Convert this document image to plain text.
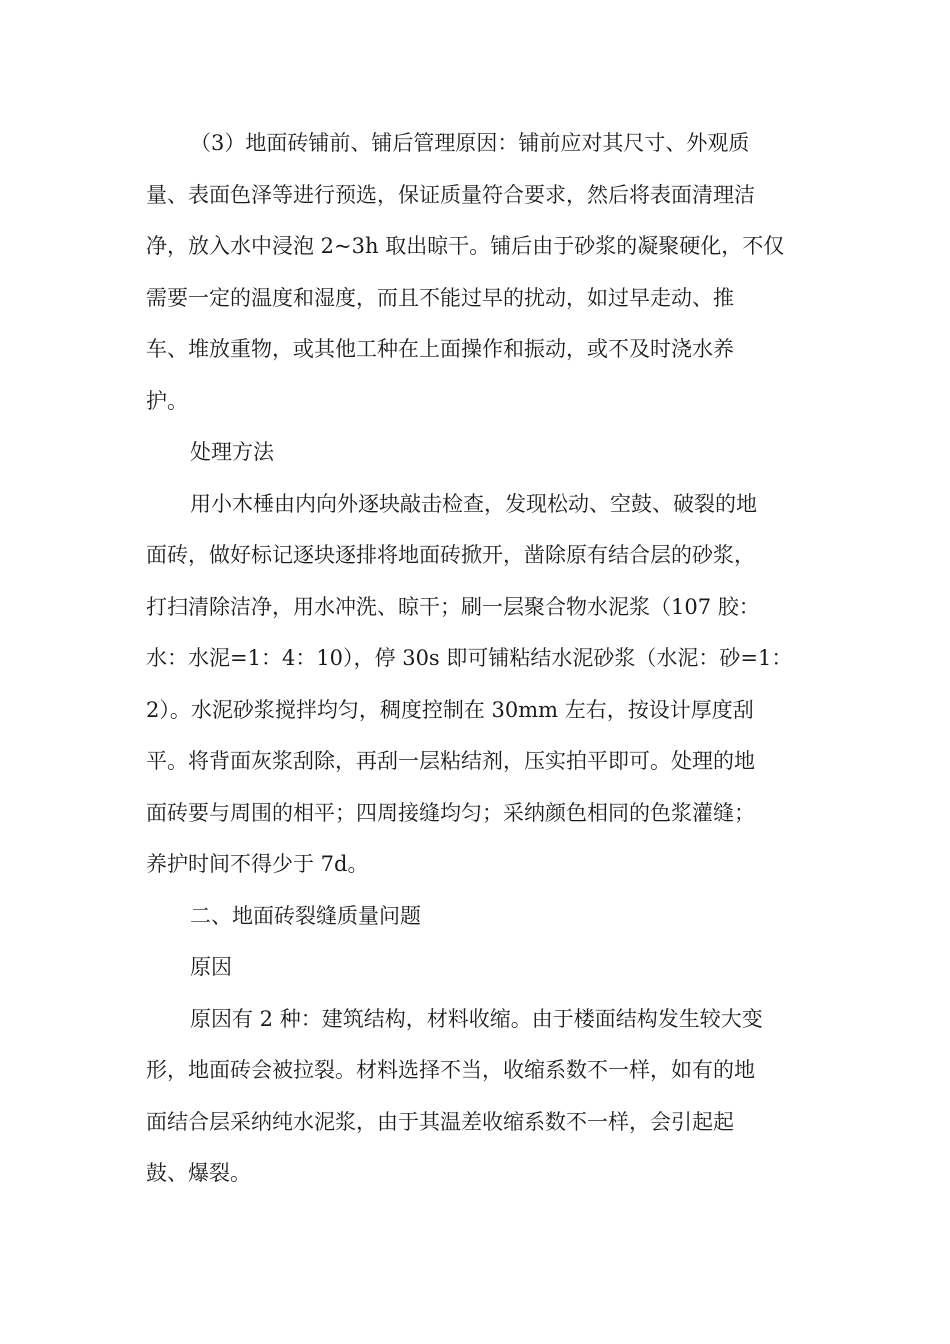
（3）地面砖铺前、铺后管理原因：铺前应对其尺寸、外观质
量、表面色泽等进行预选，保证质量符合要求，然后将表面清理洁
净，放入水中浸泡 2~3h 取出晾干。铺后由于砂浆的凝聚硬化，不仅
需要一定的温度和湿度，而且不能过早的扰动，如过早走动、推
车、堆放重物，或其他工种在上面操作和振动，或不及时浇水养
护。
处理方法
用小木棰由内向外逐块敲击检查，发现松动、空鼓、破裂的地
面砖，做好标记逐块逐排将地面砖掀开，凿除原有结合层的砂浆，
打扫清除洁净，用水冲洗、晾干；刷一层聚合物水泥浆（107 胶：
水：水泥=1：4：10），停 30s 即可铺粘结水泥砂浆（水泥：砂=1：
2）。水泥砂浆搅拌均匀，稠度控制在 30mm 左右，按设计厚度刮
平。将背面灰浆刮除，再刮一层粘结剂，压实拍平即可。处理的地
面砖要与周围的相平；四周接缝均匀；采纳颜色相同的色浆灌缝；
养护时间不得少于 7d。
二、地面砖裂缝质量问题
原因
原因有 2 种：建筑结构，材料收缩。由于楼面结构发生较大变
形，地面砖会被拉裂。材料选择不当，收缩系数不一样，如有的地
面结合层采纳纯水泥浆，由于其温差收缩系数不一样，会引起起
鼓、爆裂。
